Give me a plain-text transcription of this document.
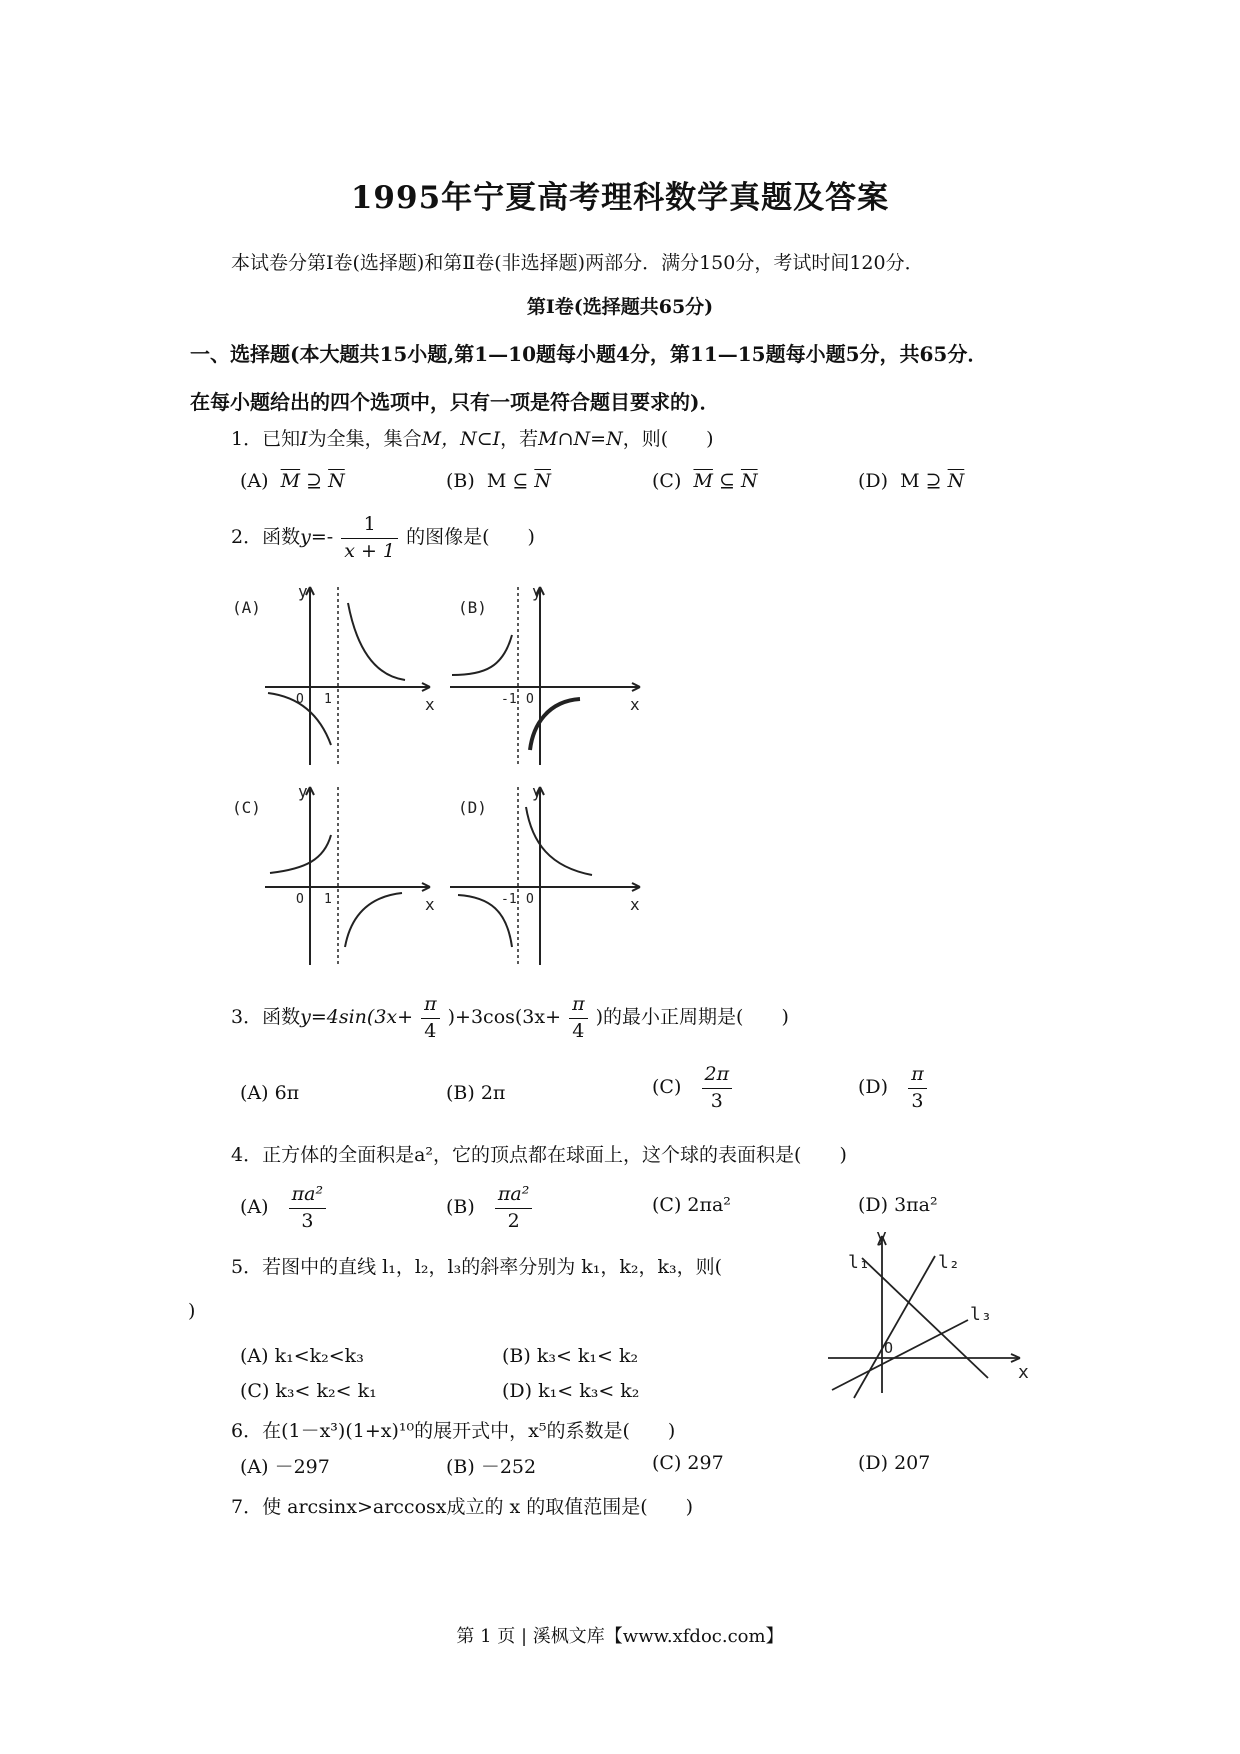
1995年宁夏高考理科数学真题及答案
本试卷分第Ⅰ卷(选择题)和第Ⅱ卷(非选择题)两部分．满分150分，考试时间120分．
第Ⅰ卷(选择题共65分)
一、选择题(本大题共15小题,第1—10题每小题4分，第11—15题每小题5分，共65分．
在每小题给出的四个选项中，只有一项是符合题目要求的)．
1．已知I为全集，集合M，N⊂I，若M∩N=N，则(　　)
(A) $\overline{M}$ ⊇ $\overline{N}$	(B) M ⊆ $\overline{N}$	(C) $\overline{M}$ ⊆ $\overline{N}$	(D) M ⊇ $\overline{N}$
2．函数$y=- \frac{1}{x + 1}$ 的图像是(　　)
(A)
y
x
O 1
(B)
y
x
O
-1
(C)
y
x
O 1
(D)
y
x
O
-1
3．函数$y=4\sin(3x+ \frac{\pi}{4} )+3\cos(3x+ \frac{\pi}{4}$ )的最小正周期是(　　)
(A) 6π	(B) 2π	$(C) \frac{2\pi}{3}$	$(D) \frac{\pi}{3}$
4．正方体的全面积是a²，它的顶点都在球面上，这个球的表面积是(　　)
$(A) \frac{\text{πa²}}{3}$	$(B) \frac{\text{πa²}}{2}$	(C) 2πa²	(D) 3πa²
5．若图中的直线 l₁，l₂，l₃的斜率分别为 k₁，k₂，k₃，则(
)
(A) k₁<k₂<k₃	(B) k₃< k₁< k₂
(C) k₃< k₂< k₁	(D) k₁< k₃< k₂
y
x
O
l₁	l₂
l₃
6．在(1－x³)(1+x)¹⁰的展开式中，x⁵的系数是(　　)
(A) －297	(B) －252	(C) 297	(D) 207
7．使 arcsinx>arccosx成立的 x 的取值范围是(　　)
第 1 页 | 溪枫文库【www.xfdoc.com】
